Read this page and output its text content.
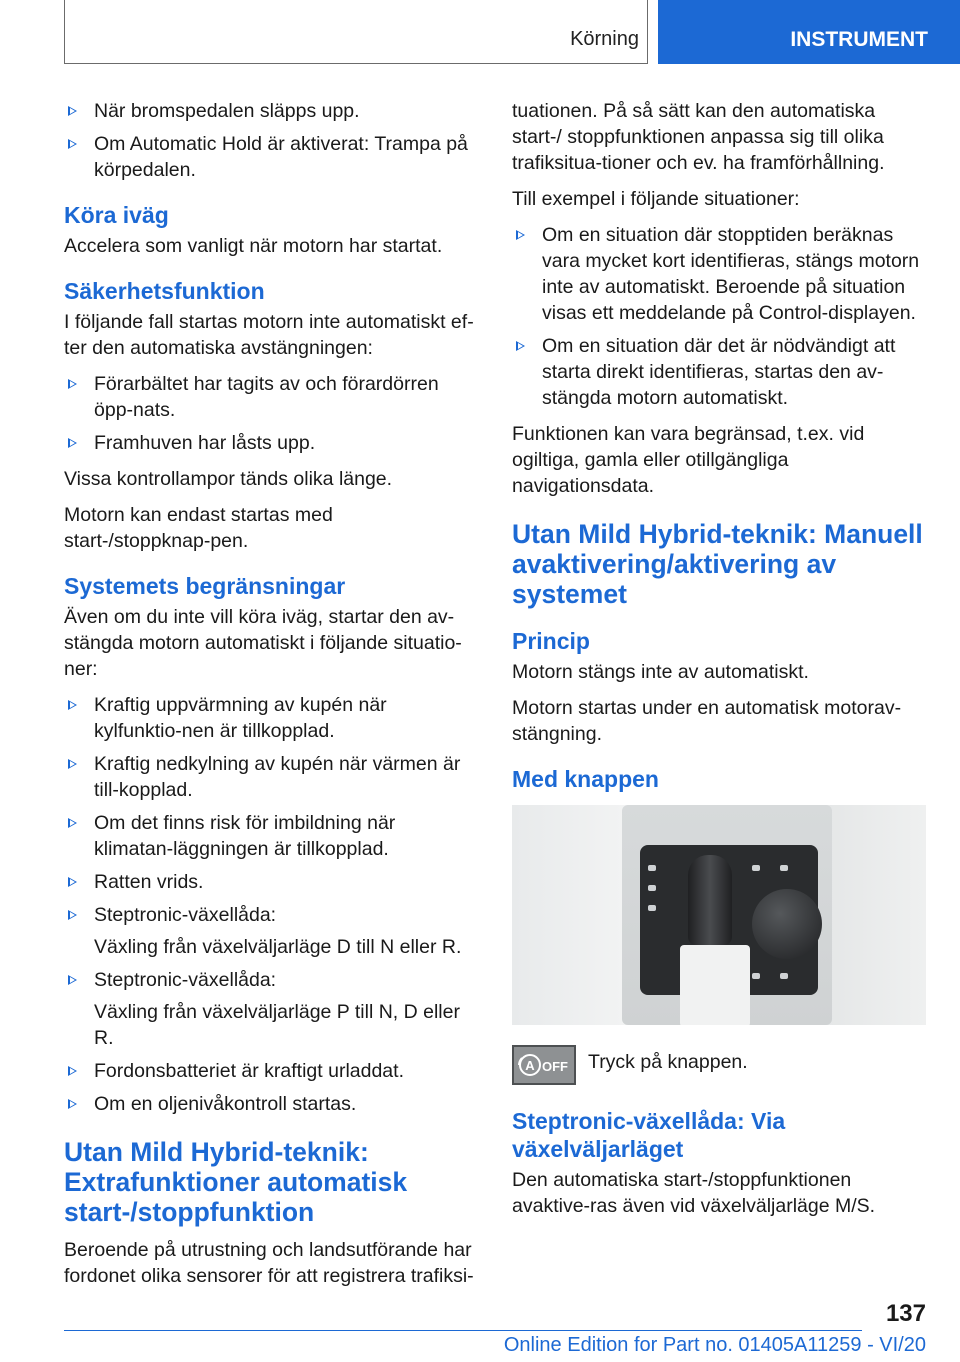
Körning	INSTRUMENT
När bromspedalen släpps upp.
Om Automatic Hold är aktiverat: Trampa på körpedalen.
Köra iväg

Accelera som vanligt när motorn har startat.

Säkerhetsfunktion

I följande fall startas motorn inte automatiskt ef-ter den automatiska avstängningen:

Förarbältet har tagits av och förardörren öpp-nats.
Framhuven har låsts upp.

Vissa kontrollampor tänds olika länge.

Motorn kan endast startas med start-/stoppknap-pen.

Systemets begränsningar

Även om du inte vill köra iväg, startar den av-stängda motorn automatiskt i följande situatio-ner:

Kraftig uppvärmning av kupén när kylfunktio-nen är tillkopplad.
Kraftig nedkylning av kupén när värmen är till-kopplad.
Om det finns risk för imbildning när klimatan-läggningen är tillkopplad.
Ratten vrids.
Steptronic-växellåda:
Växling från växelväljarläge D till N eller R.
Steptronic-växellåda:
Växling från växelväljarläge P till N, D eller R.
Fordonsbatteriet är kraftigt urladdat.
Om en oljenivåkontroll startas.
Utan Mild Hybrid-teknik: Extrafunktioner automatisk start-/stoppfunktion

Beroende på utrustning och landsutförande har fordonet olika sensorer för att registrera trafiksi-

tuationen. På så sätt kan den automatiska start-/ stoppfunktionen anpassa sig till olika trafiksitua-tioner och ev. ha framförhållning.

Till exempel i följande situationer:

Om en situation där stopptiden beräknas vara mycket kort identifieras, stängs motorn inte av automatiskt. Beroende på situation visas ett meddelande på Control-displayen.
Om en situation där det är nödvändigt att starta direkt identifieras, startas den av-stängda motorn automatiskt.

Funktionen kan vara begränsad, t.ex. vid ogiltiga, gamla eller otillgängliga navigationsdata.

Utan Mild Hybrid-teknik: Manuell avaktivering/aktivering av systemet
Princip

Motorn stängs inte av automatiskt.

Motorn startas under en automatisk motorav-stängning.

Med knappen
A OFF Tryck på knappen.
Steptronic-växellåda: Via växelväljarläget

Den automatiska start-/stoppfunktionen avaktive-ras även vid växelväljarläge M/S.

137
Online Edition for Part no. 01405A11259 - VI/20
